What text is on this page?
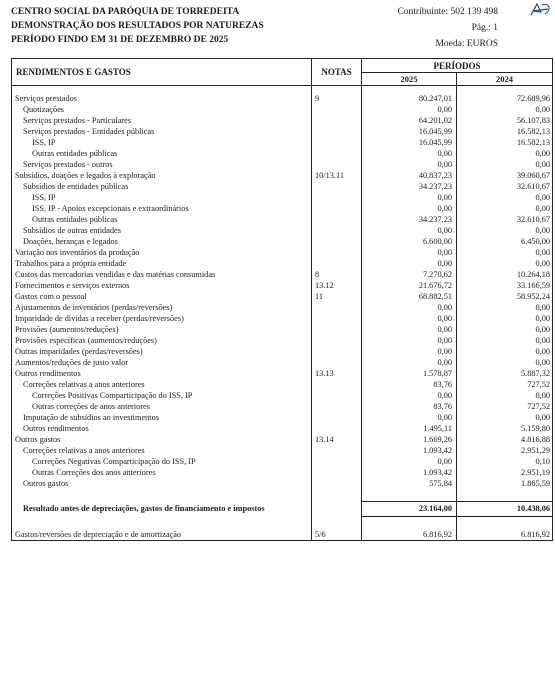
CENTRO SOCIAL DA PARÓQUIA DE TORREDEITA
DEMONSTRAÇÃO DOS RESULTADOS POR NATUREZAS
PERÍODO FINDO EM 31 DE DEZEMBRO DE 2025
Contribuinte: 502 139 498
Pág.: 1
Moeda: EUROS
RENDIMENTOS E GASTOS	NOTAS	PERÍODOS	
		2025	2024

Serviços prestados	9	80.247,01	72.689,96
Quotizações		0,00	0,00
Serviços prestados - Particulares		64.201,02	56.107,83
Serviços prestados - Entidades públicas		16.045,99	16.582,13
ISS, IP		16.045,99	16.582,13
Outras entidades públicas		0,00	0,00
Serviços prestados - outros		0,00	0,00
Subsídios, doações e legados à exploração	10/13.11	40.837,23	39.060,67
Subsídios de entidades públicas		34.237,23	32.610,67
ISS, IP		0,00	0,00
ISS, IP - Apoios excepcionais e extraordinários		0,00	0,00
Outras entidades públicas		34.237,23	32.610,67
Subsídios de outras entidades		0,00	0,00
Doações, heranças e legados		6.600,00	6.450,00
Variação nos inventários da produção		0,00	0,00
Trabalhos para a própria entidade		0,00	0,00
Custos das mercadorias vendidas e das matérias consumidas	8	7.270,62	10.264,18
Fornecimentos e serviços externos	13.12	21.676,72	33.166,59
Gastos com o pessoal	11	68.882,51	58.952,24
Ajustamentos de inventários (perdas/reversões)		0,00	0,00
Imparidade de dívidas a receber (perdas/reversões)		0,00	0,00
Provisões (aumentos/reduções)		0,00	0,00
Provisões específicas (aumentos/reduções)		0,00	0,00
Outras imparidades (perdas/reversões)		0,00	0,00
Aumentos/reduções de justo valor		0,00	0,00
Outros rendimentos	13.13	1.578,87	5.887,32
Correções relativas a anos anteriores		83,76	727,52
Correções Positivas Comparticipação do ISS, IP		0,00	0,00
Outras correções de anos anteriores		83,76	727,52
Imputação de subsídios ao investimentos		0,00	0,00
Outros rendimentos		1.495,11	5.159,80
Outros gastos	13.14	1.669,26	4.816,88
Correções relativas a anos anteriores		1.093,42	2.951,29
Correções Negativas Comparticipação do ISS, IP		0,00	0,10
Outras Correções dos anos anteriores		1.093,42	2.951,19
Outros gastos		575,84	1.865,59

Resultado antes de depreciações, gastos de financiamento e impostos		23.164,00	10.438,06

Gastos/reversões de depreciação e de amortização	5/6	6.816,92	6.816,92
